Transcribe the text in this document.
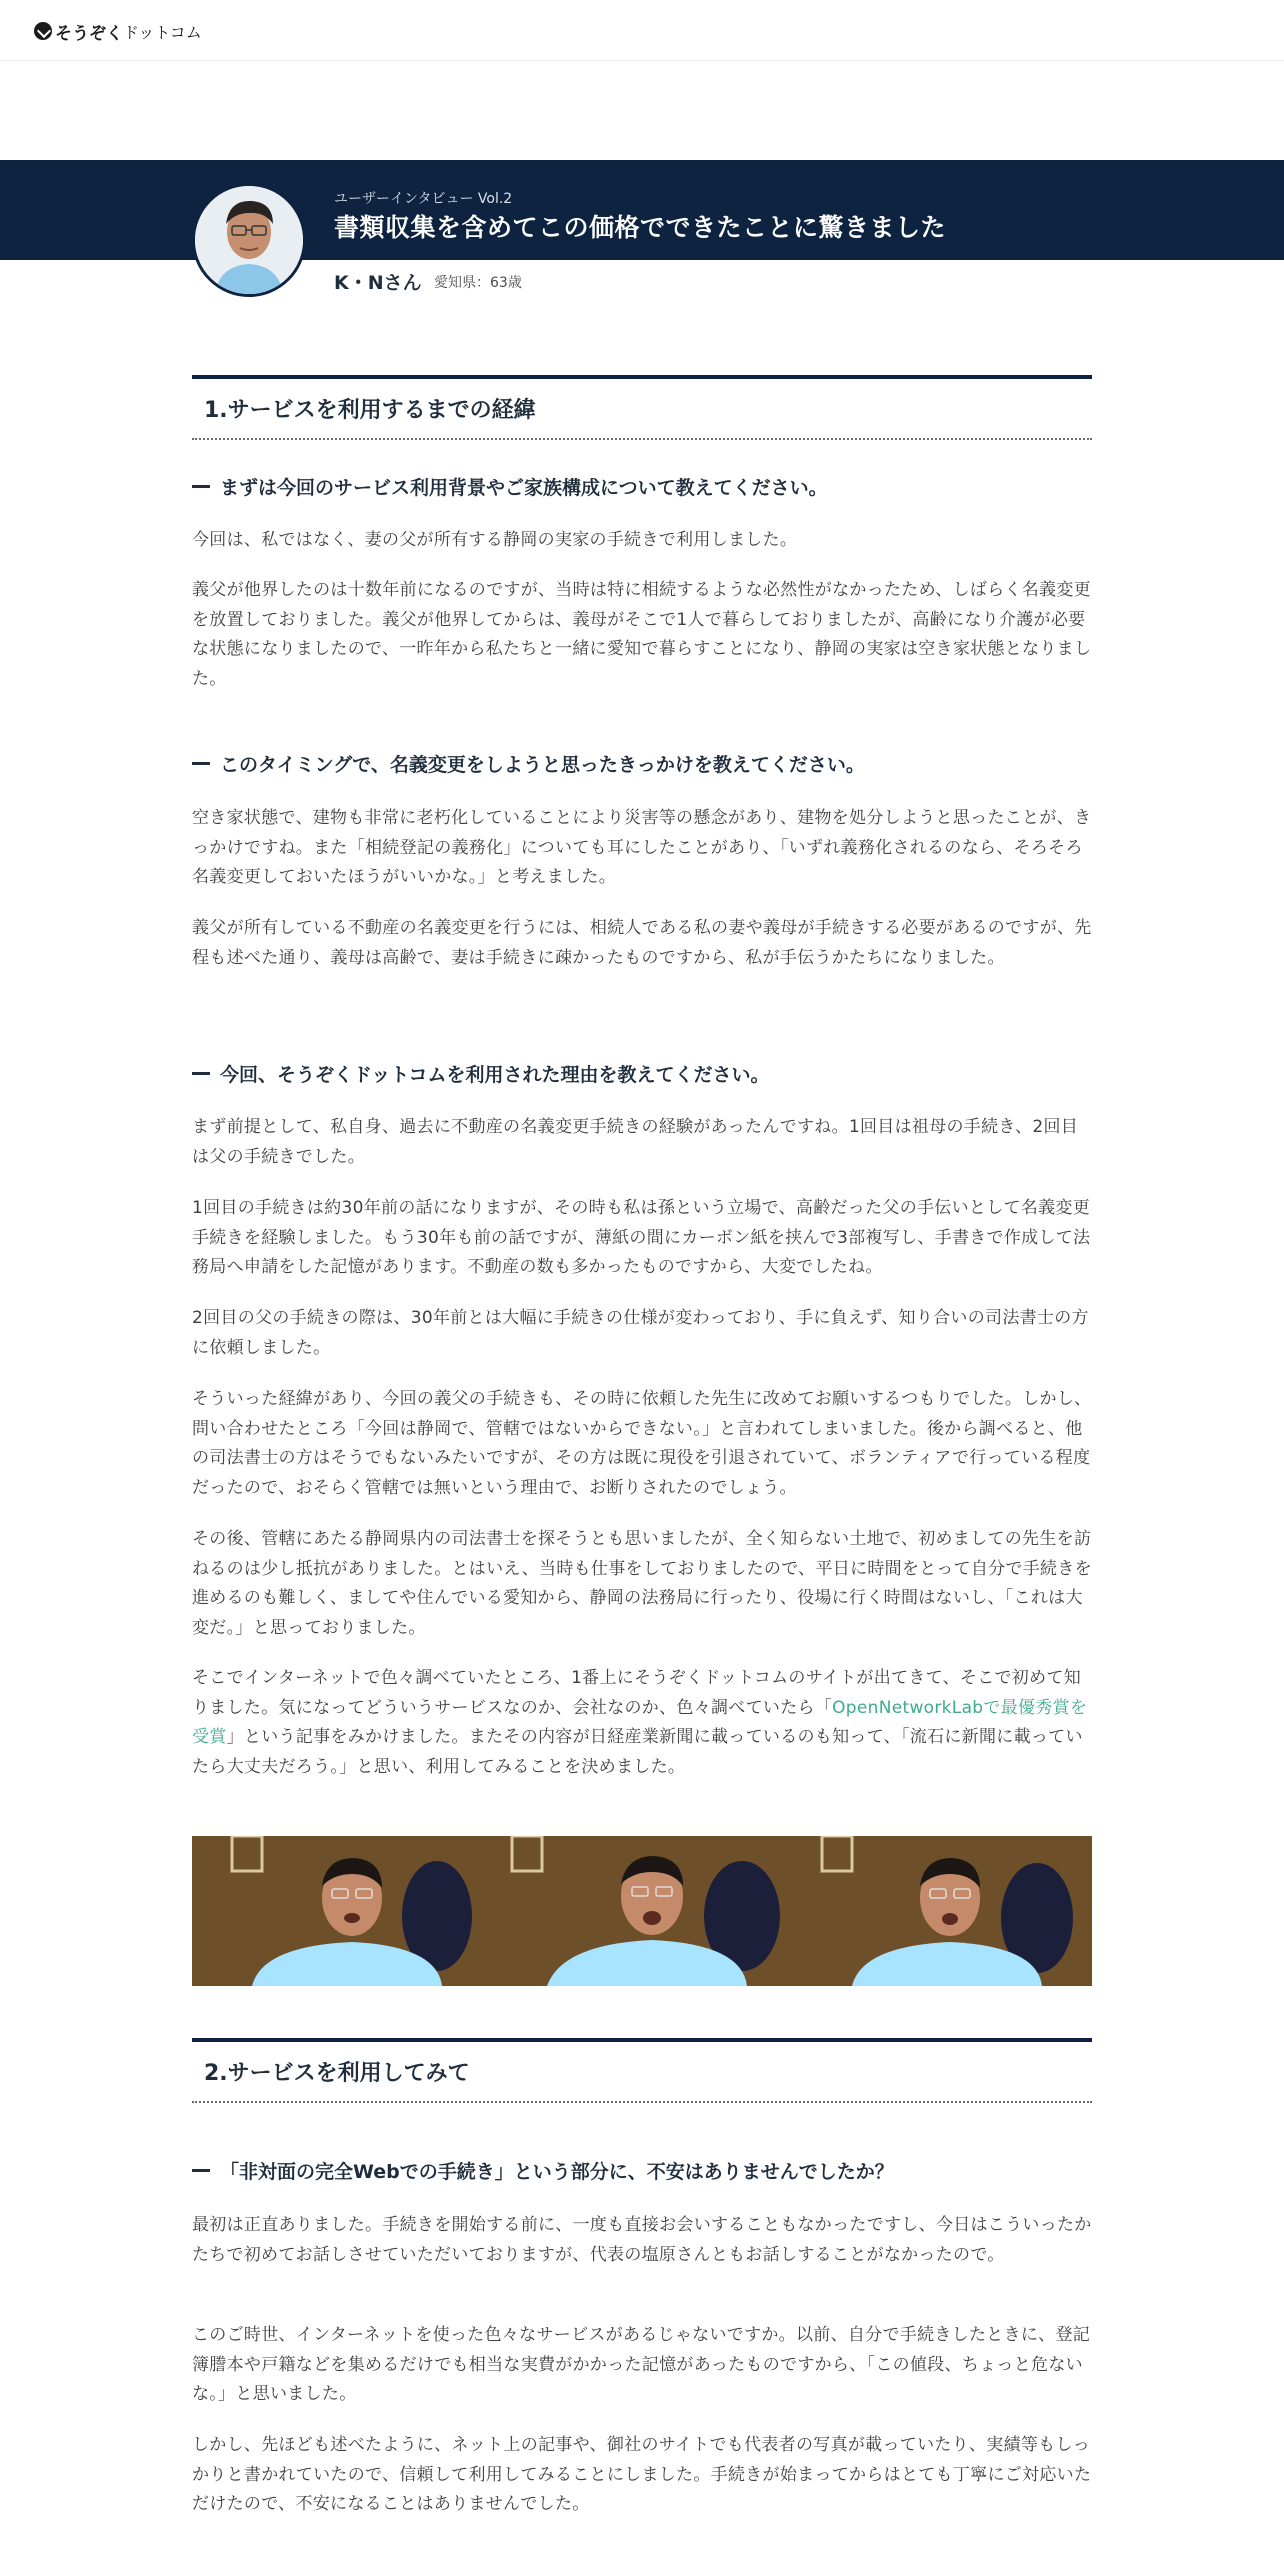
そうぞく ドットコム
ユーザーインタビュー Vol.2
書類収集を含めてこの価格でできたことに驚きました
K・Nさん 愛知県：63歳
1.サービスを利用するまでの経緯
まずは今回のサービス利用背景やご家族構成について教えてください。

今回は、私ではなく、妻の父が所有する静岡の実家の手続きで利用しました。

義父が他界したのは十数年前になるのですが、当時は特に相続するような必然性がなかったため、しばらく名義変更を放置しておりました。義父が他界してからは、義母がそこで1人で暮らしておりましたが、高齢になり介護が必要な状態になりましたので、一昨年から私たちと一緒に愛知で暮らすことになり、静岡の実家は空き家状態となりました。

このタイミングで、名義変更をしようと思ったきっかけを教えてください。

空き家状態で、建物も非常に老朽化していることにより災害等の懸念があり、建物を処分しようと思ったことが、きっかけですね。また「相続登記の義務化」についても耳にしたことがあり、「いずれ義務化されるのなら、そろそろ名義変更しておいたほうがいいかな。」と考えました。

義父が所有している不動産の名義変更を行うには、相続人である私の妻や義母が手続きする必要があるのですが、先程も述べた通り、義母は高齢で、妻は手続きに疎かったものですから、私が手伝うかたちになりました。

今回、そうぞくドットコムを利用された理由を教えてください。

まず前提として、私自身、過去に不動産の名義変更手続きの経験があったんですね。1回目は祖母の手続き、2回目は父の手続きでした。

1回目の手続きは約30年前の話になりますが、その時も私は孫という立場で、高齢だった父の手伝いとして名義変更手続きを経験しました。もう30年も前の話ですが、薄紙の間にカーボン紙を挟んで3部複写し、手書きで作成して法務局へ申請をした記憶があります。不動産の数も多かったものですから、大変でしたね。

2回目の父の手続きの際は、30年前とは大幅に手続きの仕様が変わっており、手に負えず、知り合いの司法書士の方に依頼しました。

そういった経緯があり、今回の義父の手続きも、その時に依頼した先生に改めてお願いするつもりでした。しかし、問い合わせたところ「今回は静岡で、管轄ではないからできない。」と言われてしまいました。後から調べると、他の司法書士の方はそうでもないみたいですが、その方は既に現役を引退されていて、ボランティアで行っている程度だったので、おそらく管轄では無いという理由で、お断りされたのでしょう。

その後、管轄にあたる静岡県内の司法書士を探そうとも思いましたが、全く知らない土地で、初めましての先生を訪ねるのは少し抵抗がありました。とはいえ、当時も仕事をしておりましたので、平日に時間をとって自分で手続きを進めるのも難しく、ましてや住んでいる愛知から、静岡の法務局に行ったり、役場に行く時間はないし、「これは大変だ。」と思っておりました。

そこでインターネットで色々調べていたところ、1番上にそうぞくドットコムのサイトが出てきて、そこで初めて知りました。気になってどういうサービスなのか、会社なのか、色々調べていたら「OpenNetworkLabで最優秀賞を受賞」という記事をみかけました。またその内容が日経産業新聞に載っているのも知って、「流石に新聞に載っていたら大丈夫だろう。」と思い、利用してみることを決めました。

2.サービスを利用してみて
「非対面の完全Webでの手続き」という部分に、不安はありませんでしたか？

最初は正直ありました。手続きを開始する前に、一度も直接お会いすることもなかったですし、今日はこういったかたちで初めてお話しさせていただいておりますが、代表の塩原さんともお話しすることがなかったので。

このご時世、インターネットを使った色々なサービスがあるじゃないですか。以前、自分で手続きしたときに、登記簿謄本や戸籍などを集めるだけでも相当な実費がかかった記憶があったものですから、「この値段、ちょっと危ないな。」と思いました。

しかし、先ほども述べたように、ネット上の記事や、御社のサイトでも代表者の写真が載っていたり、実績等もしっかりと書かれていたので、信頼して利用してみることにしました。手続きが始まってからはとても丁寧にご対応いただけたので、不安になることはありませんでした。
